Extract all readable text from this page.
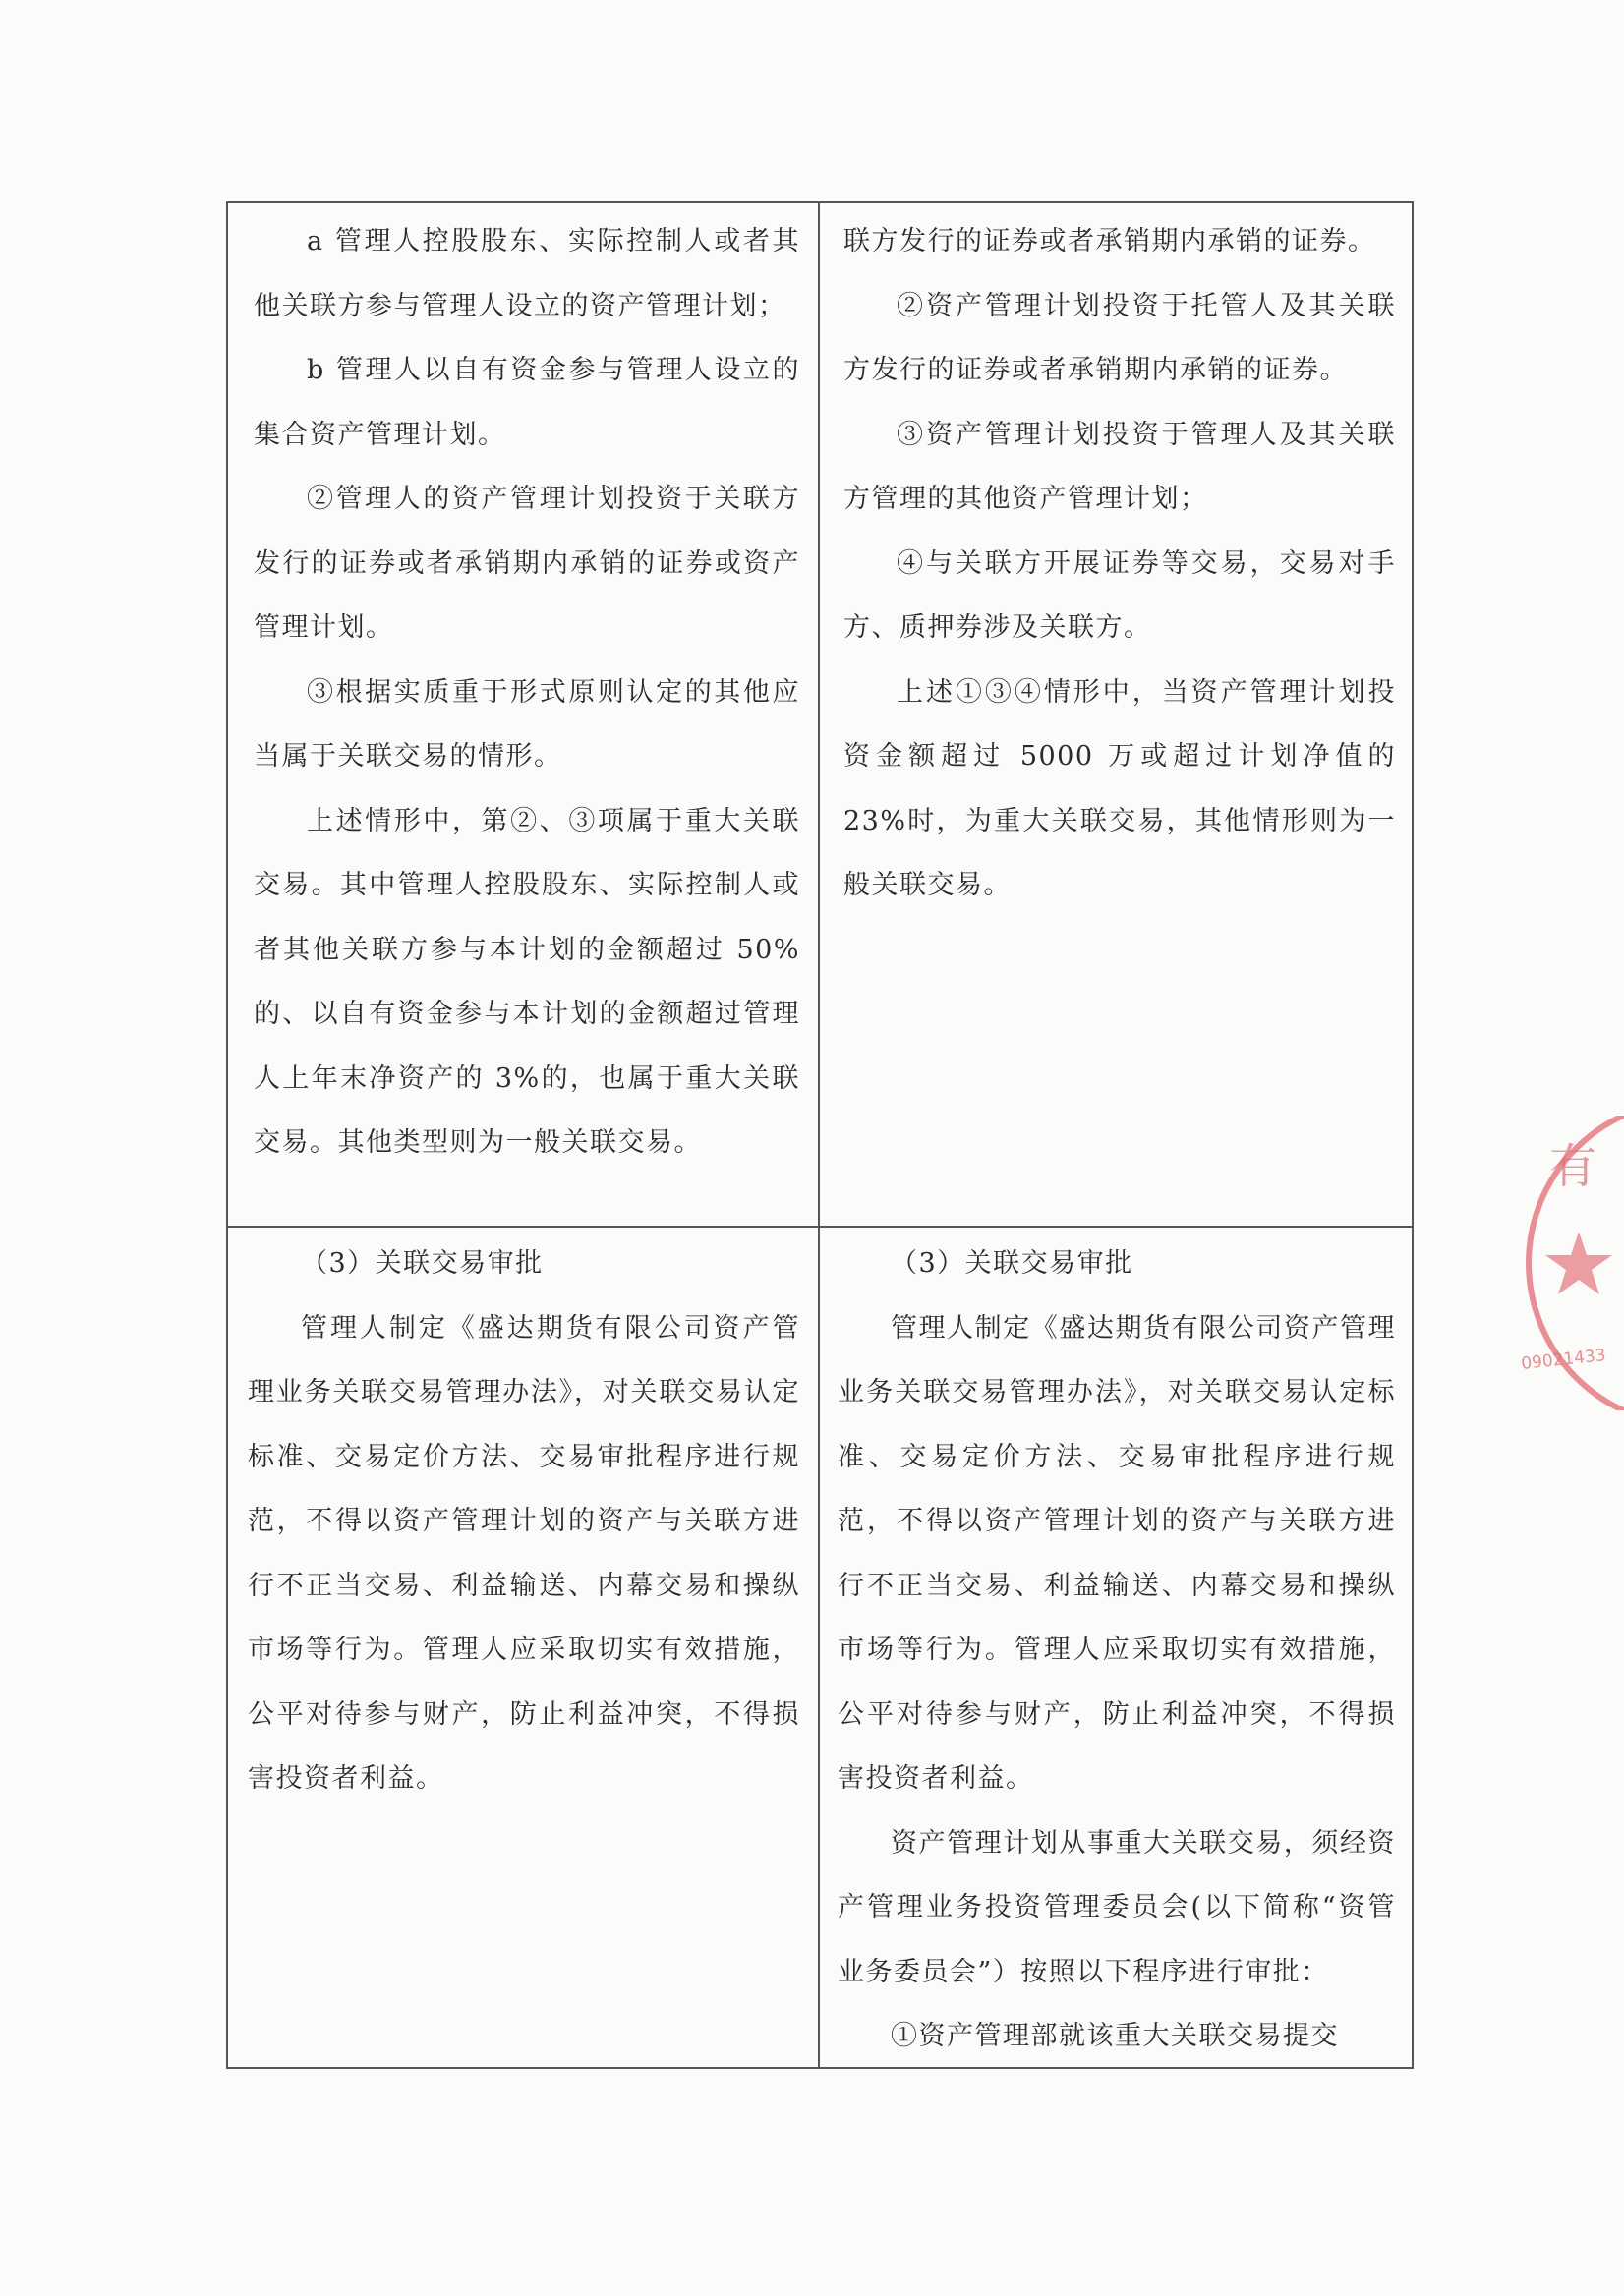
a 管理人控股股东、实际控制人或者其他关联方参与管理人设立的资产管理计划；

b 管理人以自有资金参与管理人设立的集合资产管理计划。

②管理人的资产管理计划投资于关联方发行的证券或者承销期内承销的证券或资产管理计划。

③根据实质重于形式原则认定的其他应当属于关联交易的情形。

上述情形中，第②、③项属于重大关联交易。其中管理人控股股东、实际控制人或者其他关联方参与本计划的金额超过 50%的、以自有资金参与本计划的金额超过管理人上年末净资产的 3%的，也属于重大关联交易。其他类型则为一般关联交易。

联方发行的证券或者承销期内承销的证券。

②资产管理计划投资于托管人及其关联方发行的证券或者承销期内承销的证券。

③资产管理计划投资于管理人及其关联方管理的其他资产管理计划；

④与关联方开展证券等交易，交易对手方、质押券涉及关联方。

上述①③④情形中，当资产管理计划投资金额超过 5000 万或超过计划净值的 23%时，为重大关联交易，其他情形则为一般关联交易。

（3）关联交易审批

管理人制定《盛达期货有限公司资产管理业务关联交易管理办法》，对关联交易认定标准、交易定价方法、交易审批程序进行规范，不得以资产管理计划的资产与关联方进行不正当交易、利益输送、内幕交易和操纵市场等行为。管理人应采取切实有效措施，公平对待参与财产，防止利益冲突，不得损害投资者利益。

（3）关联交易审批

管理人制定《盛达期货有限公司资产管理业务关联交易管理办法》，对关联交易认定标准、交易定价方法、交易审批程序进行规范，不得以资产管理计划的资产与关联方进行不正当交易、利益输送、内幕交易和操纵市场等行为。管理人应采取切实有效措施，公平对待参与财产，防止利益冲突，不得损害投资者利益。

资产管理计划从事重大关联交易，须经资产管理业务投资管理委员会(以下简称“资管业务委员会”）按照以下程序进行审批：

①资产管理部就该重大关联交易提交

有
09021433
